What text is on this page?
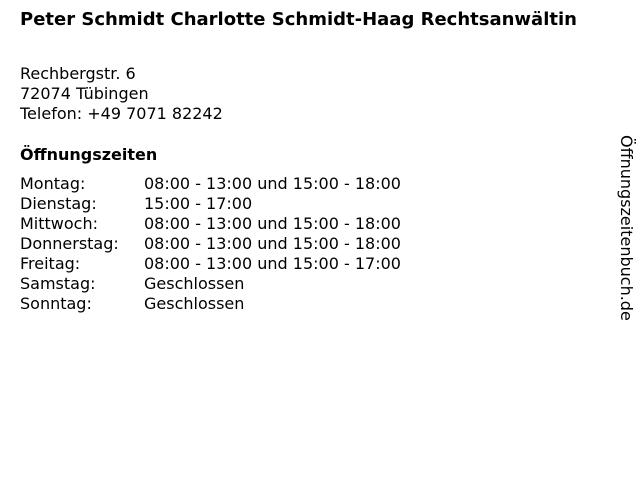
Peter Schmidt Charlotte Schmidt-Haag Rechtsanwältin
Rechbergstr. 6
72074 Tübingen
Telefon: +49 7071 82242
Öffnungszeiten
Montag:	08:00 - 13:00 und 15:00 - 18:00
Dienstag:	15:00 - 17:00
Mittwoch:	08:00 - 13:00 und 15:00 - 18:00
Donnerstag:	08:00 - 13:00 und 15:00 - 18:00
Freitag:	08:00 - 13:00 und 15:00 - 17:00
Samstag:	Geschlossen
Sonntag:	Geschlossen	Öffnungszeitenbuch.de
